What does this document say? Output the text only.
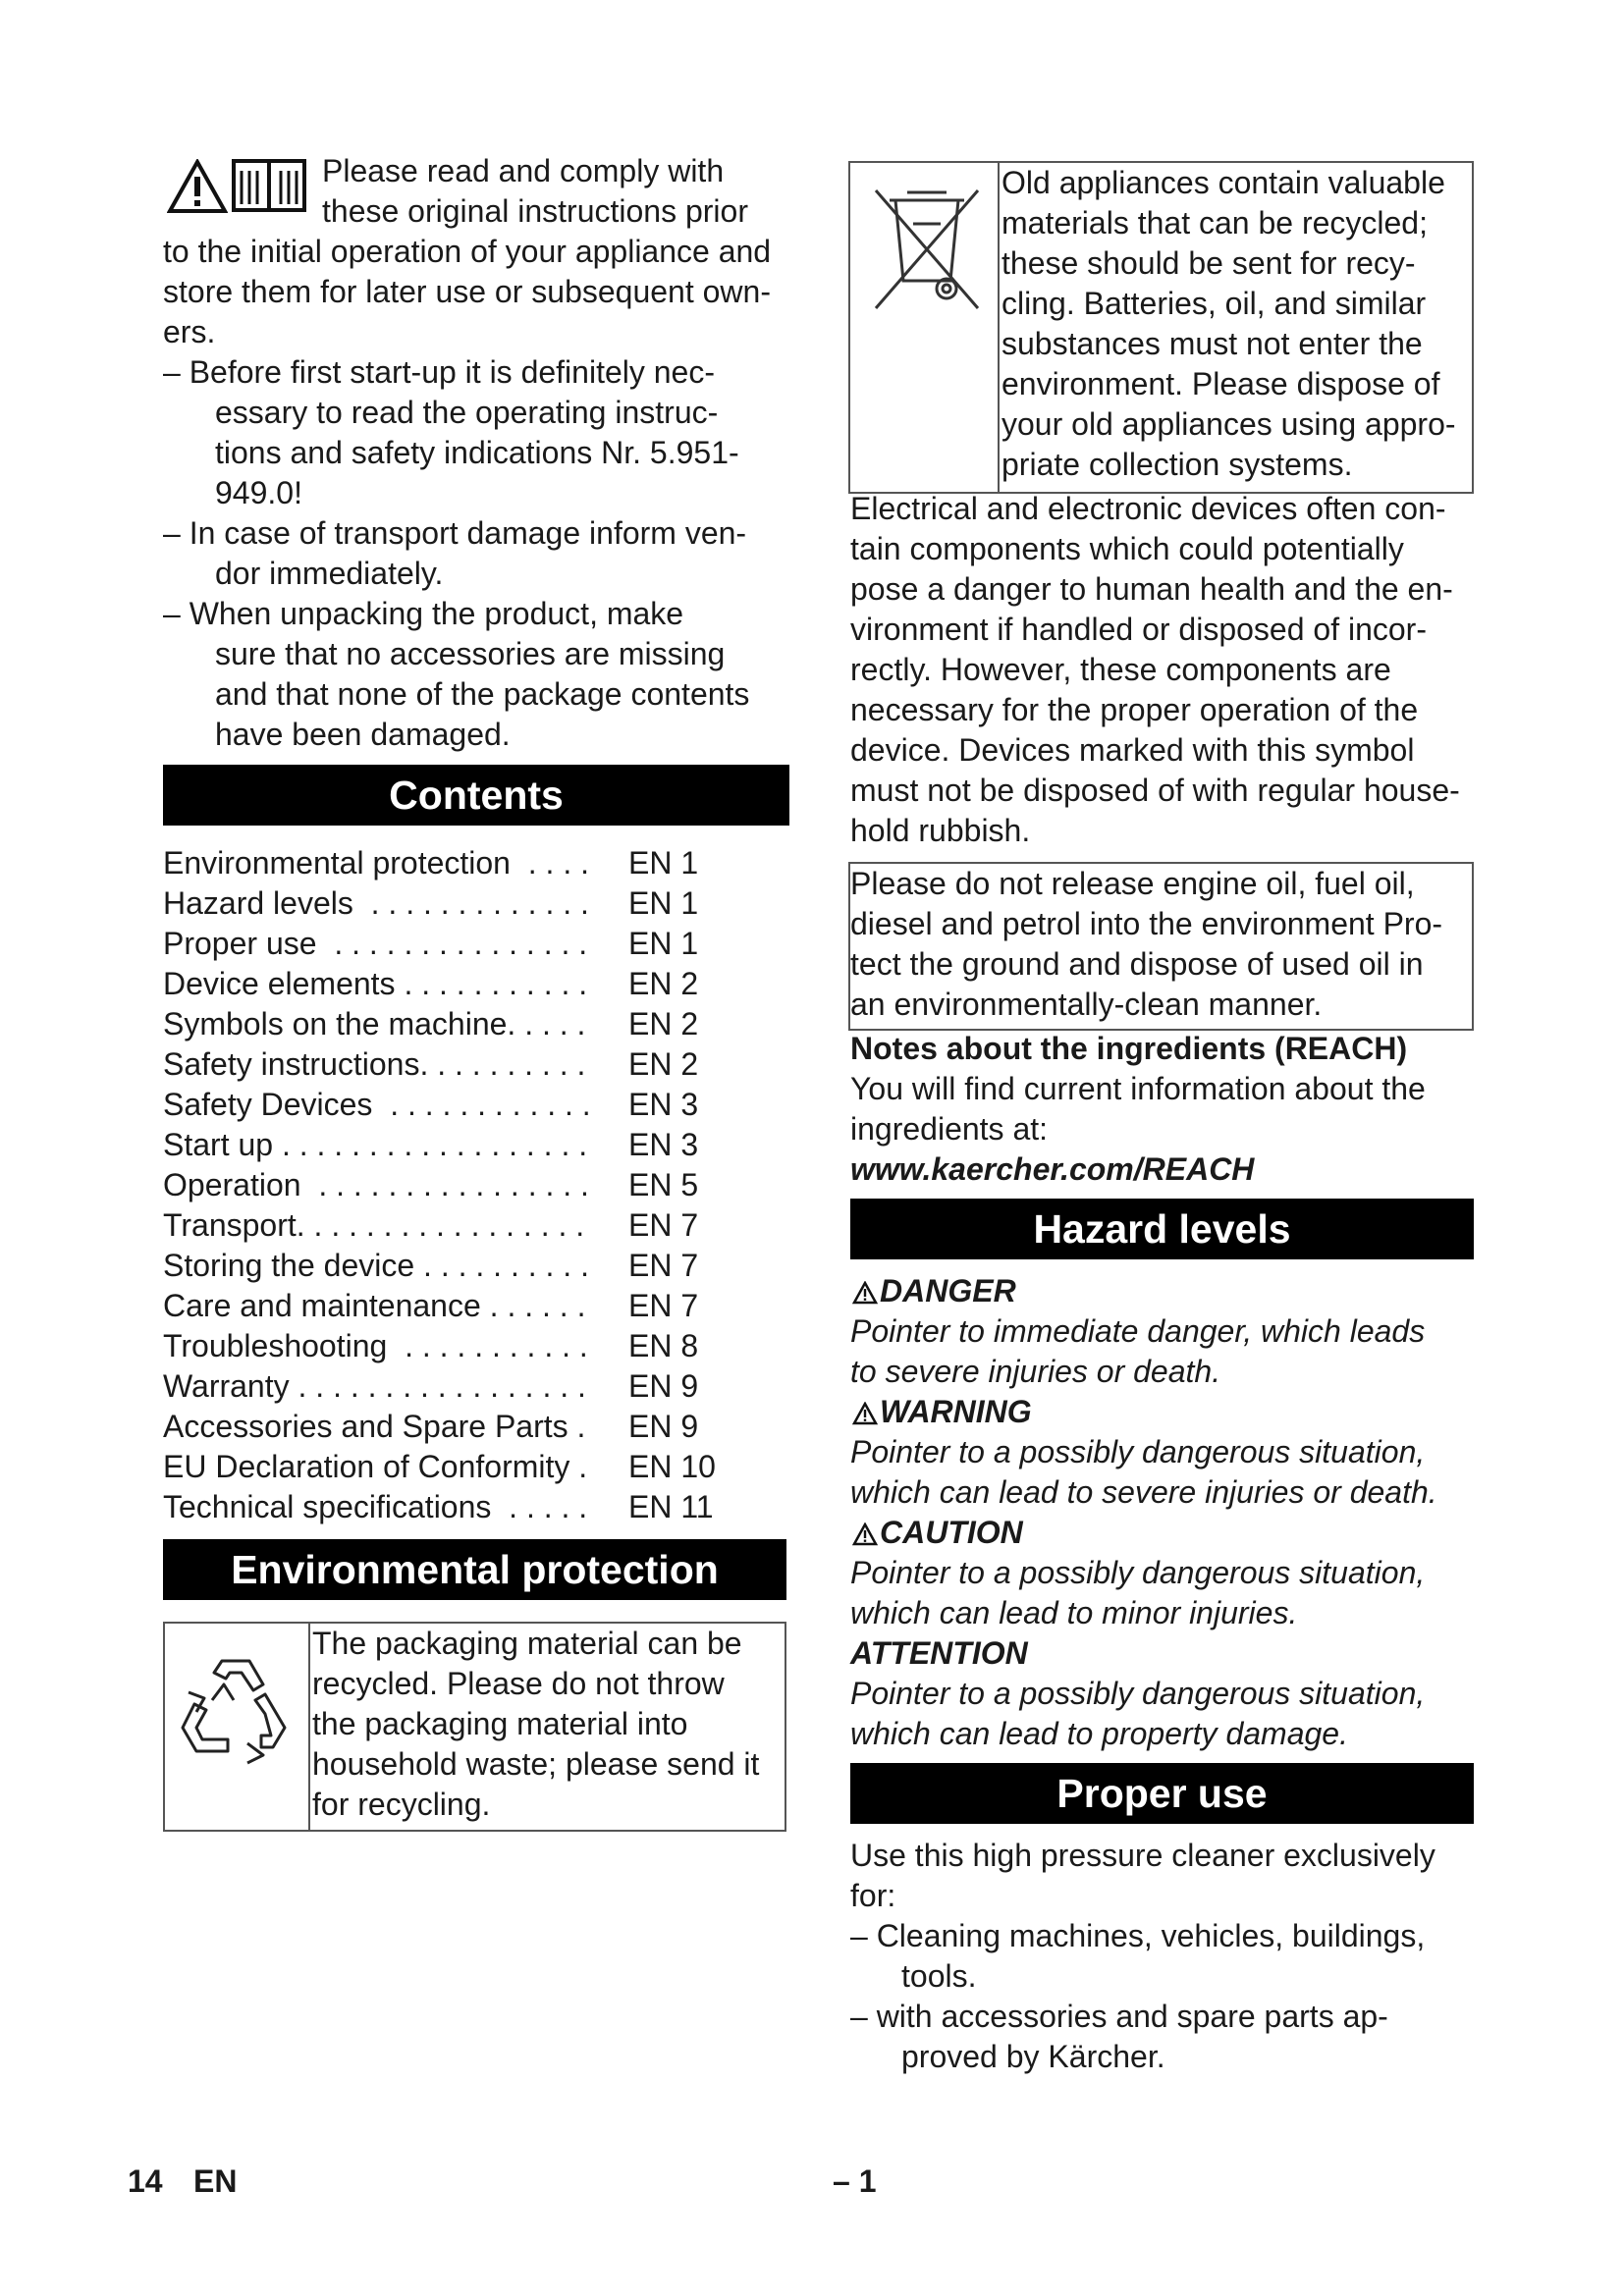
Please read and comply with
these original instructions prior
to the initial operation of your appliance and
store them for later use or subsequent own-
ers.
– Before first start-up it is definitely nec-
essary to read the operating instruc-
tions and safety indications Nr. 5.951-
949.0!
– In case of transport damage inform ven-
dor immediately.
– When unpacking the product, make
sure that no accessories are missing
and that none of the package contents
have been damaged.
Contents
Environmental protection  . . . . EN 1
Hazard levels  . . . . . . . . . . . . . EN 1
Proper use  . . . . . . . . . . . . . . . EN 1
Device elements . . . . . . . . . . . EN 2
Symbols on the machine. . . . . EN 2
Safety instructions. . . . . . . . . . EN 2
Safety Devices  . . . . . . . . . . . . EN 3
Start up . . . . . . . . . . . . . . . . . . EN 3
Operation  . . . . . . . . . . . . . . . . EN 5
Transport. . . . . . . . . . . . . . . . . EN 7
Storing the device . . . . . . . . . . EN 7
Care and maintenance . . . . . . EN 7
Troubleshooting  . . . . . . . . . . . EN 8
Warranty . . . . . . . . . . . . . . . . . EN 9
Accessories and Spare Parts . EN 9
EU Declaration of Conformity . EN 10
Technical specifications  . . . . . EN 11
Environmental protection
The packaging material can be
recycled. Please do not throw
the packaging material into
household waste; please send it
for recycling.
Old appliances contain valuable
materials that can be recycled;
these should be sent for recy-
cling. Batteries, oil, and similar
substances must not enter the
environment. Please dispose of
your old appliances using appro-
priate collection systems.
Electrical and electronic devices often con-
tain components which could potentially
pose a danger to human health and the en-
vironment if handled or disposed of incor-
rectly. However, these components are
necessary for the proper operation of the
device. Devices marked with this symbol
must not be disposed of with regular house-
hold rubbish.
Please do not release engine oil, fuel oil,
diesel and petrol into the environment Pro-
tect the ground and dispose of used oil in
an environmentally-clean manner.
Notes about the ingredients (REACH)
You will find current information about the
ingredients at:
www.kaercher.com/REACH
Hazard levels
DANGER
Pointer to immediate danger, which leads
to severe injuries or death.
WARNING
Pointer to a possibly dangerous situation,
which can lead to severe injuries or death.
CAUTION
Pointer to a possibly dangerous situation,
which can lead to minor injuries.
ATTENTION
Pointer to a possibly dangerous situation,
which can lead to property damage.
Proper use
Use this high pressure cleaner exclusively
for:
– Cleaning machines, vehicles, buildings,
tools.
– with accessories and spare parts ap-
proved by Kärcher.
14 EN	– 1
